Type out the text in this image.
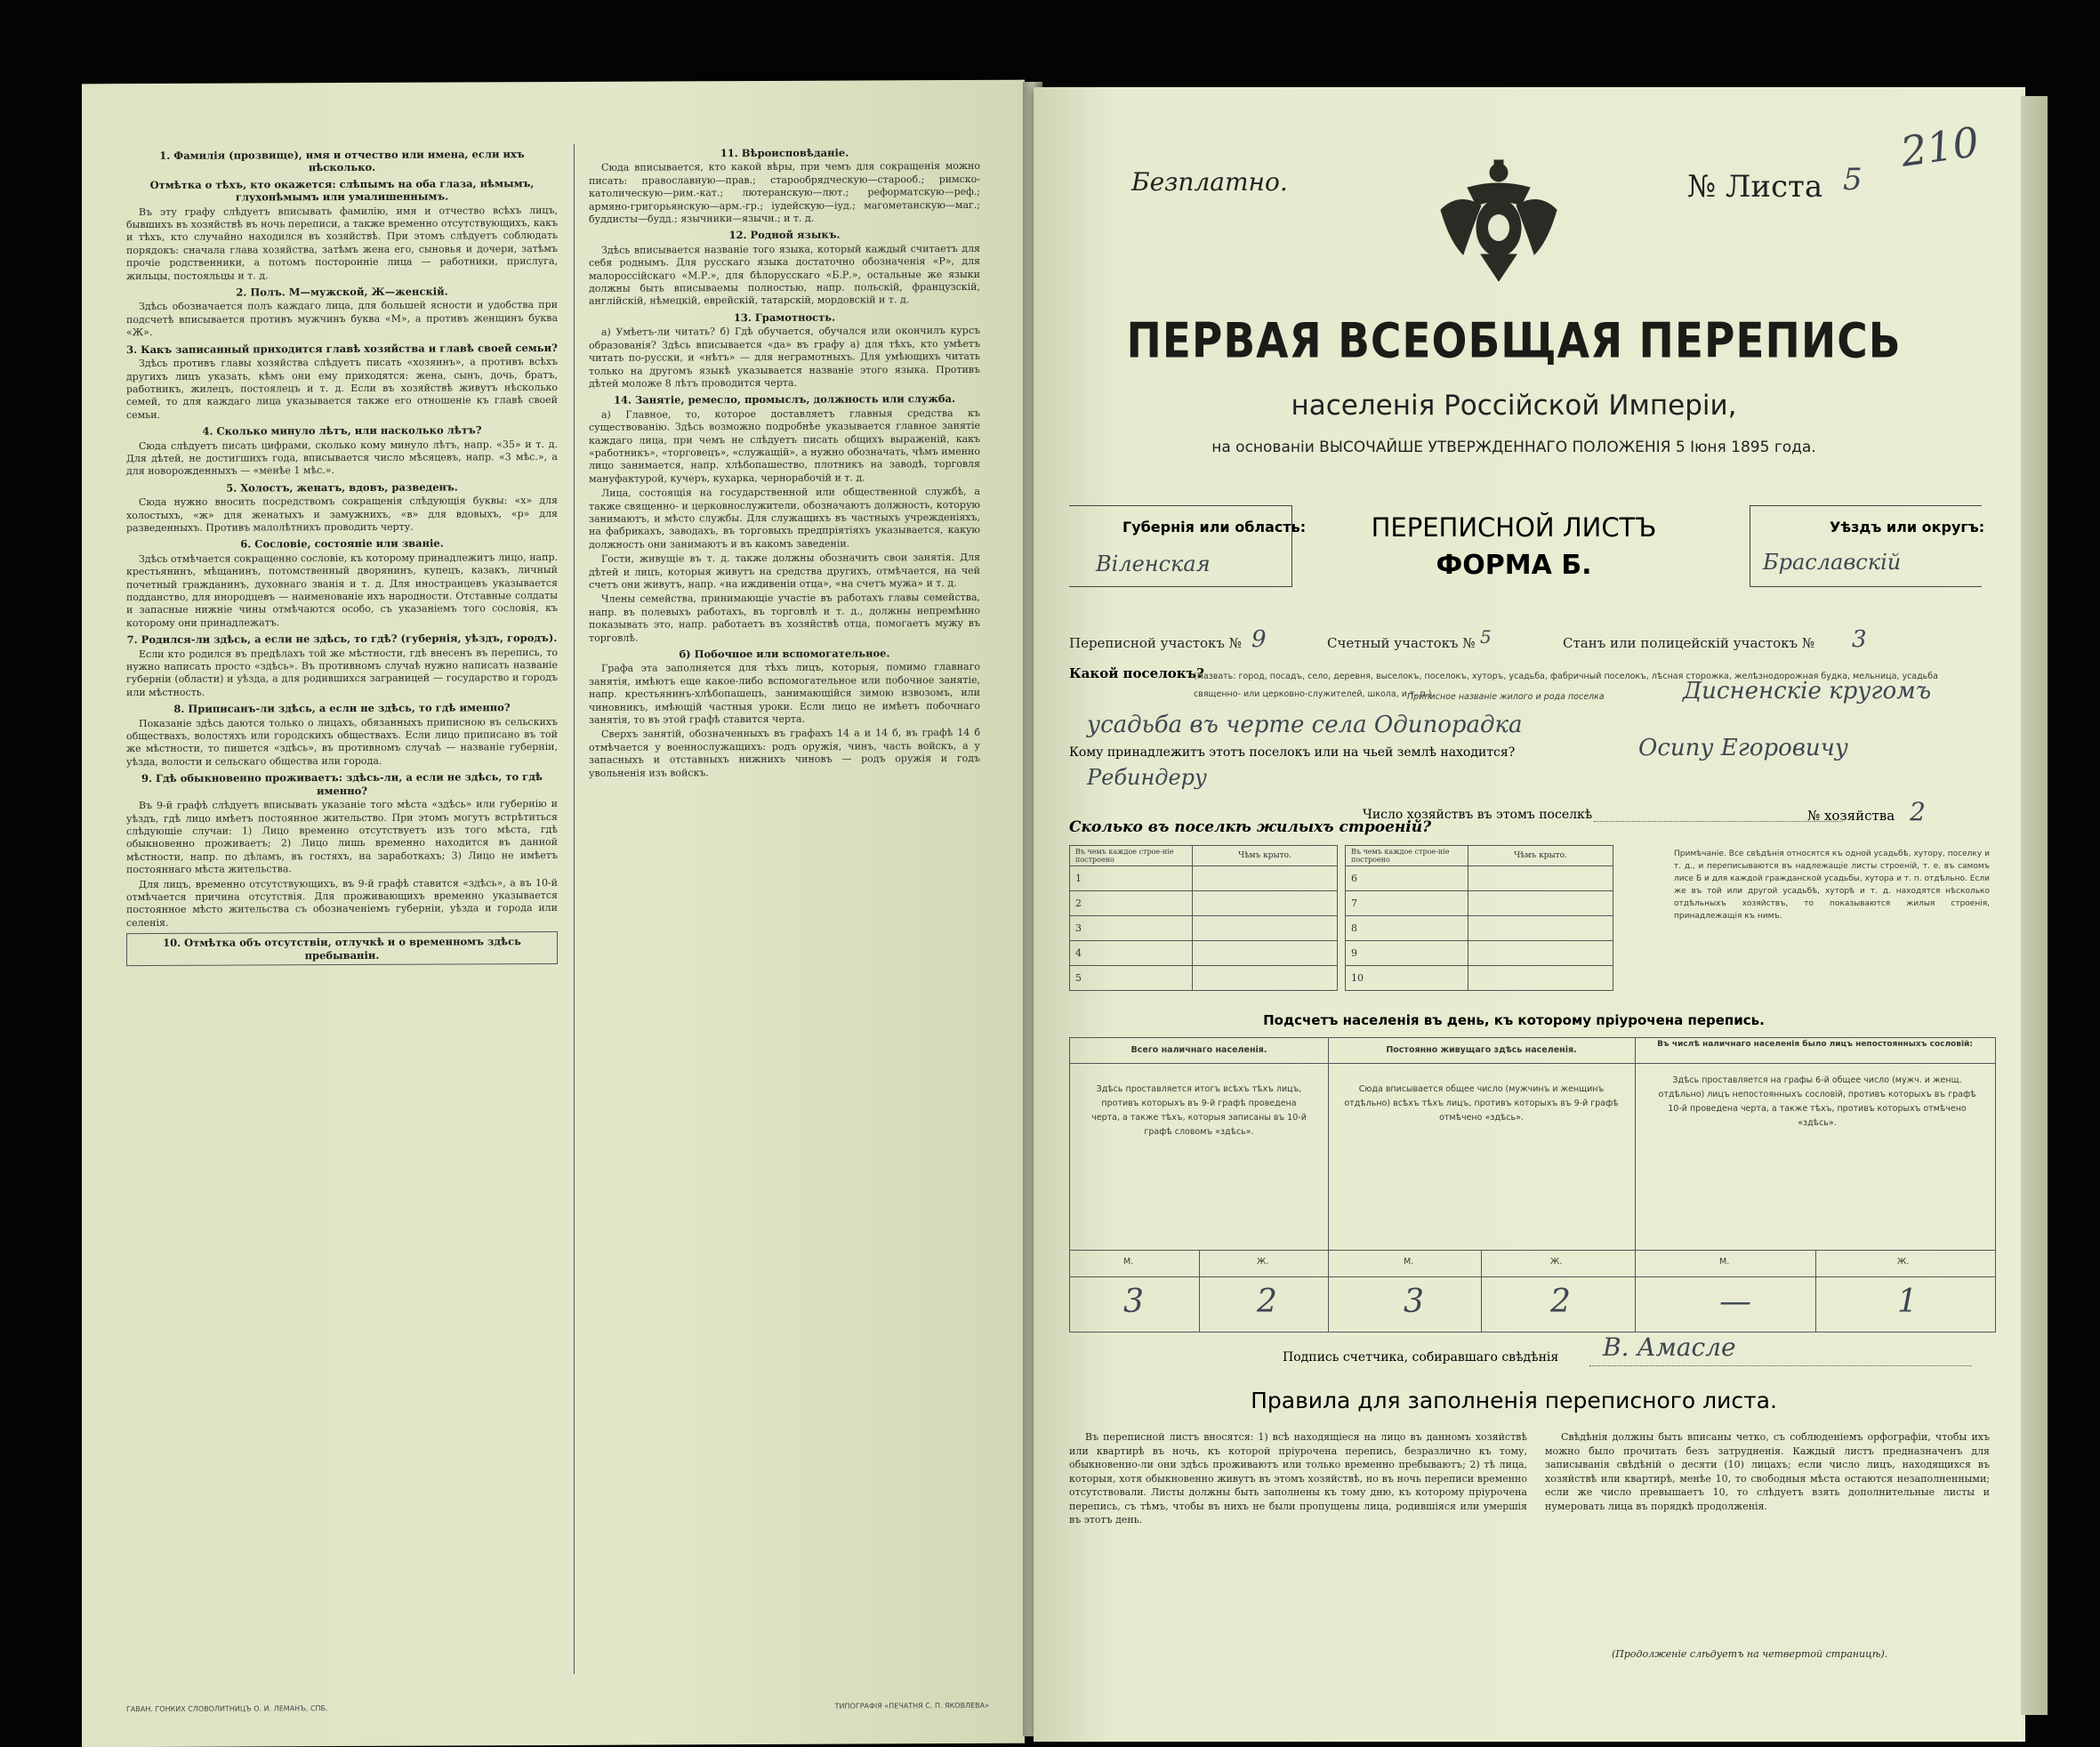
1. Фамилія (прозвище), имя и отчество или имена, если ихъ нѣсколько.
Отмѣтка о тѣхъ, кто окажется: слѣпымъ на оба глаза, нѣмымъ, глухонѣмымъ или умалишеннымъ.

Въ эту графу слѣдуетъ вписывать фамилію, имя и отчество всѣхъ лицъ, бывшихъ въ хозяйствѣ въ ночь переписи, а также временно отсутствующихъ, какъ и тѣхъ, кто случайно находился въ хозяйствѣ. При этомъ слѣдуетъ соблюдать порядокъ: сначала глава хозяйства, затѣмъ жена его, сыновья и дочери, затѣмъ прочіе родственники, а потомъ посторонніе лица — работники, прислуга, жильцы, постояльцы и т. д.

2. Полъ. М—мужской, Ж—женскій.

Здѣсь обозначается полъ каждаго лица, для большей ясности и удобства при подсчетѣ вписывается противъ мужчинъ буква «М», а противъ женщинъ буква «Ж».

3. Какъ записанный приходится главѣ хозяйства и главѣ своей семьи?

Здѣсь противъ главы хозяйства слѣдуетъ писать «хозяинъ», а противъ всѣхъ другихъ лицъ указать, кѣмъ они ему приходятся: жена, сынъ, дочь, братъ, работникъ, жилецъ, постоялецъ и т. д. Если въ хозяйствѣ живутъ нѣсколько семей, то для каждаго лица указывается также его отношеніе къ главѣ своей семьи.

4. Сколько минуло лѣтъ, или насколько лѣтъ?

Сюда слѣдуетъ писать цифрами, сколько кому минуло лѣтъ, напр. «35» и т. д. Для дѣтей, не достигшихъ года, вписывается число мѣсяцевъ, напр. «3 мѣс.», а для новорожденныхъ — «менѣе 1 мѣс.».

5. Холостъ, женатъ, вдовъ, разведенъ.

Сюда нужно вносить посредствомъ сокращенія слѣдующія буквы: «х» для холостыхъ, «ж» для женатыхъ и замужнихъ, «в» для вдовыхъ, «р» для разведенныхъ. Противъ малолѣтнихъ проводить черту.

6. Сословіе, состояніе или званіе.

Здѣсь отмѣчается сокращенно сословіе, къ которому принадлежитъ лицо, напр. крестьянинъ, мѣщанинъ, потомственный дворянинъ, купецъ, казакъ, личный почетный гражданинъ, духовнаго званія и т. д. Для иностранцевъ указывается подданство, для инородцевъ — наименованіе ихъ народности. Отставные солдаты и запасные нижніе чины отмѣчаются особо, съ указаніемъ того сословія, къ которому они принадлежатъ.

7. Родился-ли здѣсь, а если не здѣсь, то гдѣ? (губернія, уѣздъ, городъ).

Если кто родился въ предѣлахъ той же мѣстности, гдѣ внесенъ въ перепись, то нужно написать просто «здѣсь». Въ противномъ случаѣ нужно написать названіе губерніи (области) и уѣзда, а для родившихся заграницей — государство и городъ или мѣстность.

8. Приписанъ-ли здѣсь, а если не здѣсь, то гдѣ именно?

Показаніе здѣсь даются только о лицахъ, обязанныхъ приписною въ сельскихъ обществахъ, волостяхъ или городскихъ обществахъ. Если лицо приписано въ той же мѣстности, то пишется «здѣсь», въ противномъ случаѣ — названіе губерніи, уѣзда, волости и сельскаго общества или города.

9. Гдѣ обыкновенно проживаетъ: здѣсь-ли, а если не здѣсь, то гдѣ именно?

Въ 9-й графѣ слѣдуетъ вписывать указаніе того мѣста «здѣсь» или губернію и уѣздъ, гдѣ лицо имѣетъ постоянное жительство. При этомъ могутъ встрѣтиться слѣдующіе случаи: 1) Лицо временно отсутствуетъ изъ того мѣста, гдѣ обыкновенно проживаетъ; 2) Лицо лишь временно находится въ данной мѣстности, напр. по дѣламъ, въ гостяхъ, на заработкахъ; 3) Лицо не имѣетъ постояннаго мѣста жительства.

Для лицъ, временно отсутствующихъ, въ 9-й графѣ ставится «здѣсь», а въ 10-й отмѣчается причина отсутствія. Для проживающихъ временно указывается постоянное мѣсто жительства съ обозначеніемъ губерніи, уѣзда и города или селенія.

10. Отмѣтка объ отсутствіи, отлучкѣ и о временномъ здѣсь пребываніи.
11. Вѣроисповѣданіе.

Сюда вписывается, кто какой вѣры, при чемъ для сокращенія можно писать: православную—прав.; старообрядческую—старооб.; римско-католическую—рим.-кат.; лютеранскую—лют.; реформатскую—реф.; армяно-григорьянскую—арм.-гр.; іудейскую—іуд.; магометанскую—маг.; буддисты—будд.; язычники—язычн.; и т. д.

12. Родной языкъ.

Здѣсь вписывается названіе того языка, который каждый считаетъ для себя роднымъ. Для русскаго языка достаточно обозначенія «Р», для малороссійскаго «М.Р.», для бѣлорусскаго «Б.Р.», остальные же языки должны быть вписываемы полностью, напр. польскій, французскій, англійскій, нѣмецкій, еврейскій, татарскій, мордовскій и т. д.

13. Грамотность.

а) Умѣетъ-ли читать? б) Гдѣ обучается, обучался или окончилъ курсъ образованія? Здѣсь вписывается «да» въ графу а) для тѣхъ, кто умѣетъ читать по-русски, и «нѣтъ» — для неграмотныхъ. Для умѣющихъ читать только на другомъ языкѣ указывается названіе этого языка. Противъ дѣтей моложе 8 лѣтъ проводится черта.

14. Занятіе, ремесло, промыслъ, должность или служба.

а) Главное, то, которое доставляетъ главныя средства къ существованію. Здѣсь возможно подробнѣе указывается главное занятіе каждаго лица, при чемъ не слѣдуетъ писать общихъ выраженій, какъ «работникъ», «торговецъ», «служащій», а нужно обозначать, чѣмъ именно лицо занимается, напр. хлѣбопашество, плотникъ на заводѣ, торговля мануфактурой, кучеръ, кухарка, чернорабочій и т. д.

Лица, состоящія на государственной или общественной службѣ, а также священно- и церковнослужители, обозначаютъ должность, которую занимаютъ, и мѣсто службы. Для служащихъ въ частныхъ учрежденіяхъ, на фабрикахъ, заводахъ, въ торговыхъ предпріятіяхъ указывается, какую должность они занимаютъ и въ какомъ заведеніи.

Гости, живущіе въ т. д. также должны обозначить свои занятія. Для дѣтей и лицъ, которыя живутъ на средства другихъ, отмѣчается, на чей счетъ они живутъ, напр. «на иждивеніи отца», «на счетъ мужа» и т. д.

Члены семейства, принимающіе участіе въ работахъ главы семейства, напр. въ полевыхъ работахъ, въ торговлѣ и т. д., должны непремѣнно показывать это, напр. работаетъ въ хозяйствѣ отца, помогаетъ мужу въ торговлѣ.

б) Побочное или вспомогательное.

Графа эта заполняется для тѣхъ лицъ, которыя, помимо главнаго занятія, имѣютъ еще какое-либо вспомогательное или побочное занятіе, напр. крестьянинъ-хлѣбопашецъ, занимающійся зимою извозомъ, или чиновникъ, имѣющій частныя уроки. Если лицо не имѣетъ побочнаго занятія, то въ этой графѣ ставится черта.

Сверхъ занятій, обозначенныхъ въ графахъ 14 а и 14 б, въ графѣ 14 б отмѣчается у военнослужащихъ: родъ оружія, чинъ, часть войскъ, а у запасныхъ и отставныхъ нижнихъ чиновъ — родъ оружія и годъ увольненія изъ войскъ.

ГАВАН. ГОНКИХ СЛОВОЛИТНИЦЪ О. И. ЛЕМАНЪ, СПБ.	ТИПОГРАФІЯ «ПЕЧАТНЯ С. П. ЯКОВЛЕВА»
Безплатно.	№ Листа 5
210
ПЕРВАЯ ВСЕОБЩАЯ ПЕРЕПИСЬ
населенія Россійской Имперіи,
на основаніи ВЫСОЧАЙШЕ УТВЕРЖДЕННАГО ПОЛОЖЕНІЯ 5 Іюня 1895 года.
Губернія или область:
Віленская
ПЕРЕПИСНОЙ ЛИСТЪ
ФОРМА Б.
Уѣздъ или округъ:
Браславскій
Переписной участокъ № 9	Счетный участокъ № 5	Станъ или полицейскій участокъ № 3
Какой поселокъ?
(Назвать: город, посадъ, село, деревня, выселокъ, поселокъ, хуторъ, усадьба, фабричный поселокъ, лѣсная сторожка, желѣзнодорожная будка, мельница, усадьба священно- или церковно-служителей, школа, и т. п.).
Приписное названіе жилого и рода поселка	Дисненскіе кругомъ
усадьба въ черте села Одипорадка
Кому принадлежитъ этотъ поселокъ или на чьей землѣ находится?	Осипу Егоровичу
Ребиндеру
Число хозяйствъ въ этомъ поселкѣ	№ хозяйства 2
Сколько въ поселкѣ жилыхъ строеній?
Въ чемъ каждое строе-ніе построено	Чѣмъ крыто.
1	
2	
3	
4	
5	
Въ чемъ каждое строе-ніе построено	Чѣмъ крыто.
6	
7	
8	
9	
10	
Примѣчаніе. Все свѣдѣнія относятся къ одной усадьбѣ, хутору, поселку и т. д., и переписываются въ надлежащіе листы строеній, т. е. въ самомъ лисе Б и для каждой гражданской усадьбы, хутора и т. п. отдѣльно. Если же въ той или другой усадьбѣ, хуторѣ и т. д. находятся нѣсколько отдѣльныхъ хозяйствъ, то показываются жилыя строенія, принадлежащія къ нимъ.
Подсчетъ населенія въ день, къ которому пріурочена перепись.
Всего наличнаго населенія.	Постоянно живущаго здѣсь населенія.
Въ числѣ наличнаго населенія было лицъ непостоянныхъ сословій:
Здѣсь проставляется итогъ всѣхъ тѣхъ лицъ, противъ которыхъ въ 9-й графѣ проведена черта, а также тѣхъ, которыя записаны въ 10-й графѣ словомъ «здѣсь».
Сюда вписывается общее число (мужчинъ и женщинъ отдѣльно) всѣхъ тѣхъ лицъ, противъ которыхъ въ 9-й графѣ отмѣчено «здѣсь».
Здѣсь проставляется на графы 6-й общее число (мужч. и женщ. отдѣльно) лицъ непостоянныхъ сословій, противъ которыхъ въ графѣ 10-й проведена черта, а также тѣхъ, противъ которыхъ отмѣчено «здѣсь».
М.	Ж.	М.	Ж.	М.	Ж.
3	2	3	2	—	1
Подпись счетчика, собиравшаго свѣдѣнія В. Амасле
Правила для заполненія переписного листа.
Въ переписной листъ вносятся: 1) всѣ находящіеся на лицо въ данномъ хозяйствѣ или квартирѣ въ ночь, къ которой пріурочена перепись, безразлично къ тому, обыкновенно-ли они здѣсь проживаютъ или только временно пребываютъ; 2) тѣ лица, которыя, хотя обыкновенно живутъ въ этомъ хозяйствѣ, но въ ночь переписи временно отсутствовали. Листы должны быть заполнены къ тому дню, къ которому пріурочена перепись, съ тѣмъ, чтобы въ нихъ не были пропущены лица, родившіяся или умершія въ этотъ день.
Свѣдѣнія должны быть вписаны четко, съ соблюденіемъ орфографіи, чтобы ихъ можно было прочитать безъ затрудненія. Каждый листъ предназначенъ для записыванія свѣдѣній о десяти (10) лицахъ; если число лицъ, находящихся въ хозяйствѣ или квартирѣ, менѣе 10, то свободныя мѣста остаются незаполненными; если же число превышаетъ 10, то слѣдуетъ взять дополнительные листы и нумеровать лица въ порядкѣ продолженія.
(Продолженіе слѣдуетъ на четвертой страницѣ).
